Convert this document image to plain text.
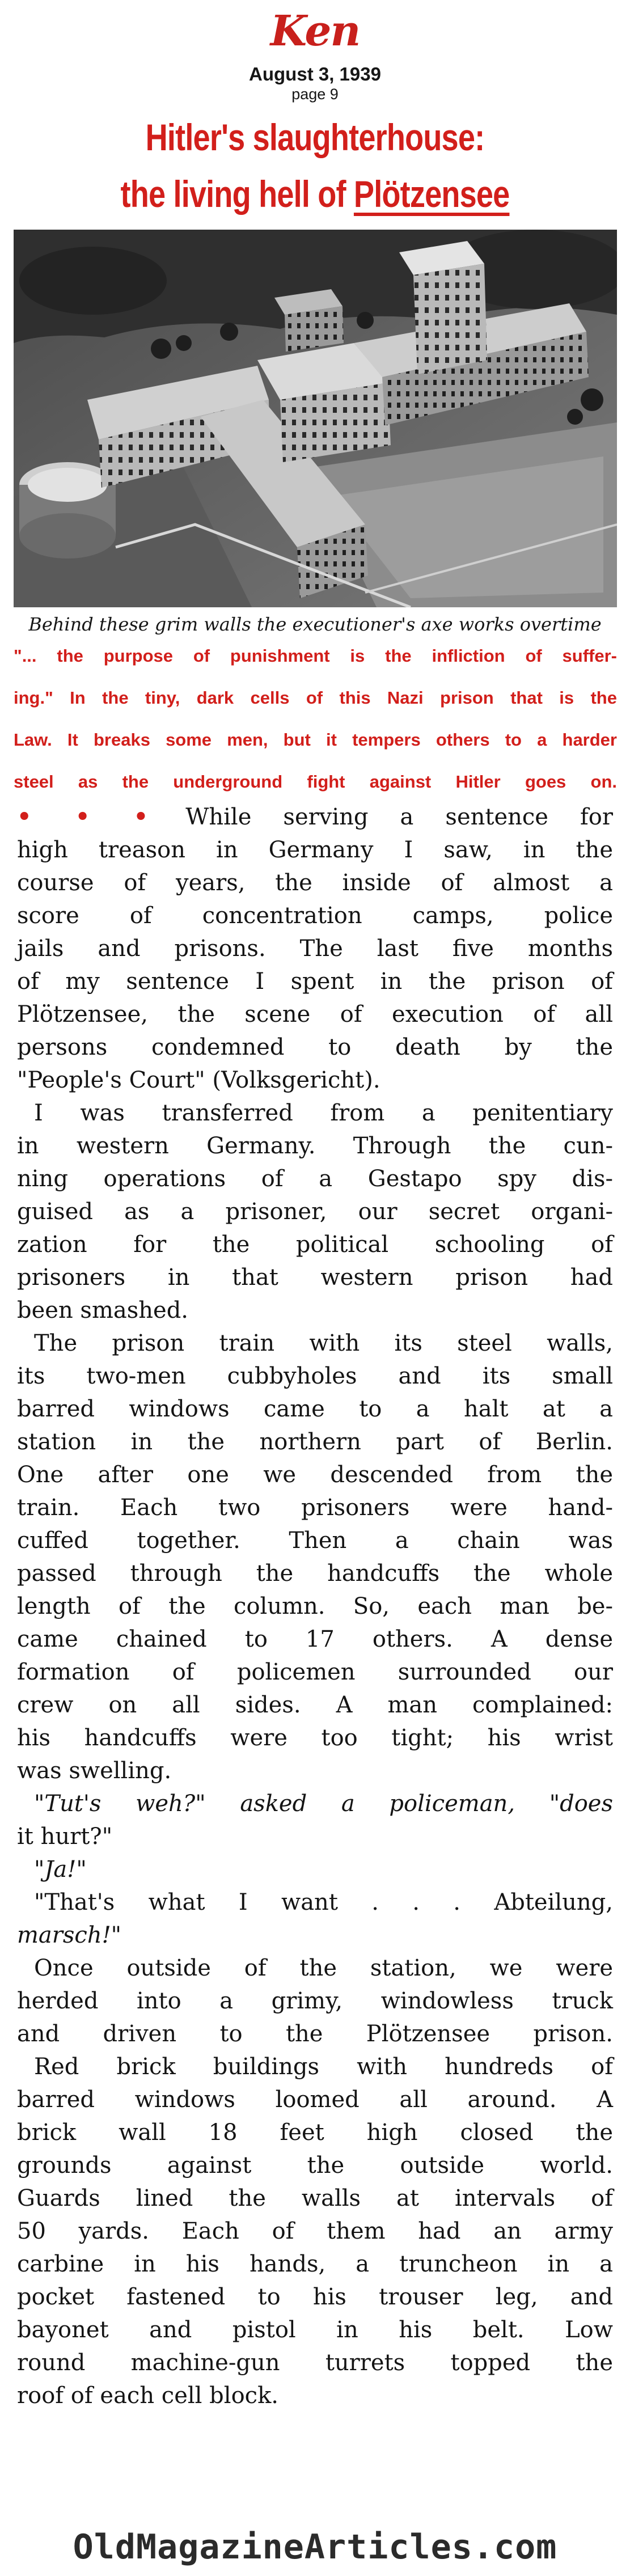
Ken
August 3, 1939
page 9
Hitler's slaughterhouse:
the living hell of Plötzensee
Behind these grim walls the executioner's axe works overtime
"... the purpose of punishment is the infliction of suffer-
ing." In the tiny, dark cells of this Nazi prison that is the
Law. It breaks some men, but it tempers others to a harder
steel as the underground fight against Hitler goes on.
• • • While serving a sentence for
high treason in Germany I saw, in the
course of years, the inside of almost a
score of concentration camps, police
jails and prisons. The last five months
of my sentence I spent in the prison of
Plötzensee, the scene of execution of all
persons condemned to death by the
"People's Court" (Volksgericht).
I was transferred from a penitentiary
in western Germany. Through the cun-
ning operations of a Gestapo spy dis-
guised as a prisoner, our secret organi-
zation for the political schooling of
prisoners in that western prison had
been smashed.
The prison train with its steel walls,
its two-men cubbyholes and its small
barred windows came to a halt at a
station in the northern part of Berlin.
One after one we descended from the
train. Each two prisoners were hand-
cuffed together. Then a chain was
passed through the handcuffs the whole
length of the column. So, each man be-
came chained to 17 others. A dense
formation of policemen surrounded our
crew on all sides. A man complained:
his handcuffs were too tight; his wrist
was swelling.
"Tut's weh?" asked a policeman, "does
it hurt?"
"Ja!"
"That's what I want . . . Abteilung,
marsch!"
Once outside of the station, we were
herded into a grimy, windowless truck
and driven to the Plötzensee prison.
Red brick buildings with hundreds of
barred windows loomed all around. A
brick wall 18 feet high closed the
grounds against the outside world.
Guards lined the walls at intervals of
50 yards. Each of them had an army
carbine in his hands, a truncheon in a
pocket fastened to his trouser leg, and
bayonet and pistol in his belt. Low
round machine-gun turrets topped the
roof of each cell block.
OldMagazineArticles.com
